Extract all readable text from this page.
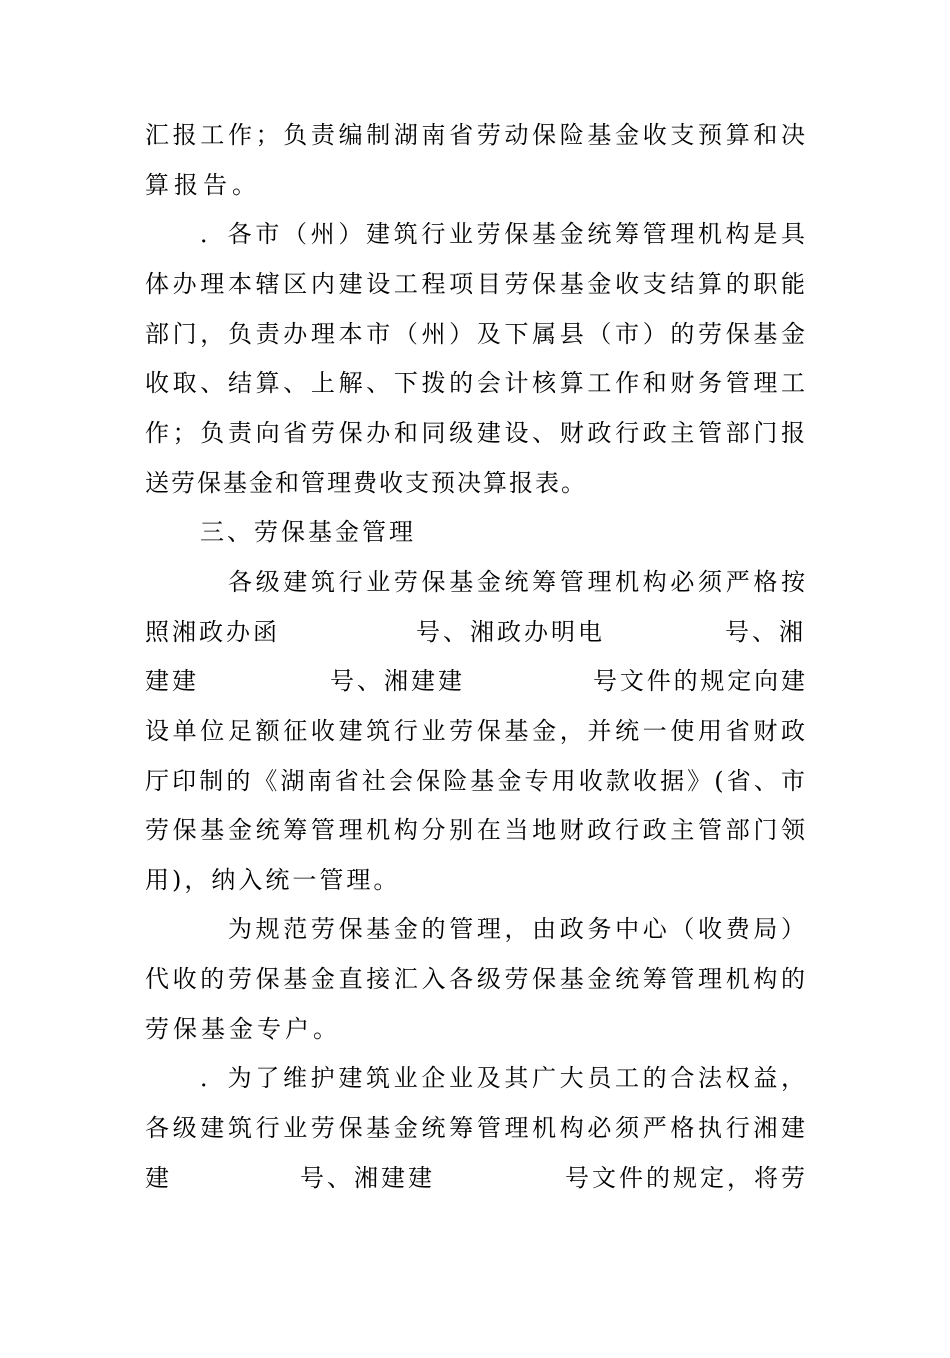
汇报工作；负责编制湖南省劳动保险基金收支预算和决

算报告。

．各市（州）建筑行业劳保基金统筹管理机构是具

体办理本辖区内建设工程项目劳保基金收支结算的职能

部门，负责办理本市（州）及下属县（市）的劳保基金

收取、结算、上解、下拨的会计核算工作和财务管理工

作；负责向省劳保办和同级建设、财政行政主管部门报

送劳保基金和管理费收支预决算报表。

三、劳保基金管理

各级建筑行业劳保基金统筹管理机构必须严格按

照湘政办函

	号、湘政办明电

	号、湘

建建

	号、湘建建

	号文件的规定向建

设单位足额征收建筑行业劳保基金，并统一使用省财政

厅印制的《湖南省社会保险基金专用收款收据》(省、市

劳保基金统筹管理机构分别在当地财政行政主管部门领

用)，纳入统一管理。

为规范劳保基金的管理，由政务中心（收费局）

代收的劳保基金直接汇入各级劳保基金统筹管理机构的

劳保基金专户。

．为了维护建筑业企业及其广大员工的合法权益，

各级建筑行业劳保基金统筹管理机构必须严格执行湘建

建

	号、湘建建

	号文件的规定，将劳
